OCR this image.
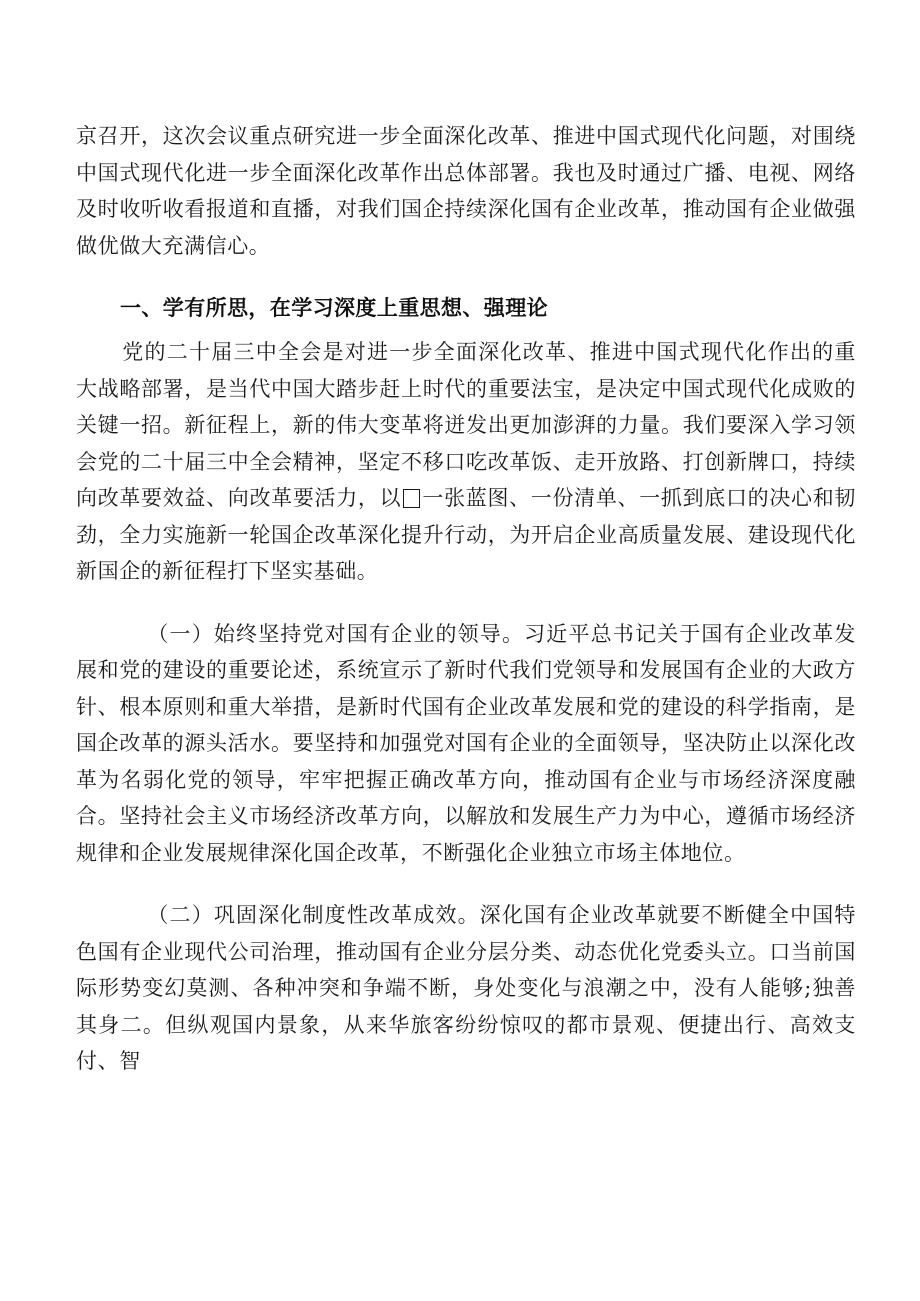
京召开，这次会议重点研究进一步全面深化改革、推进中国式现代化问题，对围绕中国式现代化进一步全面深化改革作出总体部署。我也及时通过广播、电视、网络及时收听收看报道和直播，对我们国企持续深化国有企业改革，推动国有企业做强做优做大充满信心。

一、学有所思，在学习深度上重思想、强理论

党的二十届三中全会是对进一步全面深化改革、推进中国式现代化作出的重大战略部署，是当代中国大踏步赶上时代的重要法宝，是决定中国式现代化成败的关键一招。新征程上，新的伟大变革将迸发出更加澎湃的力量。我们要深入学习领会党的二十届三中全会精神，坚定不移口吃改革饭、走开放路、打创新牌口，持续向改革要效益、向改革要活力，以 一张蓝图、一份清单、一抓到底口的决心和韧劲，全力实施新一轮国企改革深化提升行动，为开启企业高质量发展、建设现代化新国企的新征程打下坚实基础。

（一）始终坚持党对国有企业的领导。习近平总书记关于国有企业改革发展和党的建设的重要论述，系统宣示了新时代我们党领导和发展国有企业的大政方针、根本原则和重大举措，是新时代国有企业改革发展和党的建设的科学指南，是国企改革的源头活水。要坚持和加强党对国有企业的全面领导，坚决防止以深化改革为名弱化党的领导，牢牢把握正确改革方向，推动国有企业与市场经济深度融合。坚持社会主义市场经济改革方向，以解放和发展生产力为中心，遵循市场经济规律和企业发展规律深化国企改革，不断强化企业独立市场主体地位。

（二）巩固深化制度性改革成效。深化国有企业改革就要不断健全中国特色国有企业现代公司治理，推动国有企业分层分类、动态优化党委头立。口当前国际形势变幻莫测、各种冲突和争端不断，身处变化与浪潮之中，没有人能够;独善其身二。但纵观国内景象，从来华旅客纷纷惊叹的都市景观、便捷出行、高效支付、智
